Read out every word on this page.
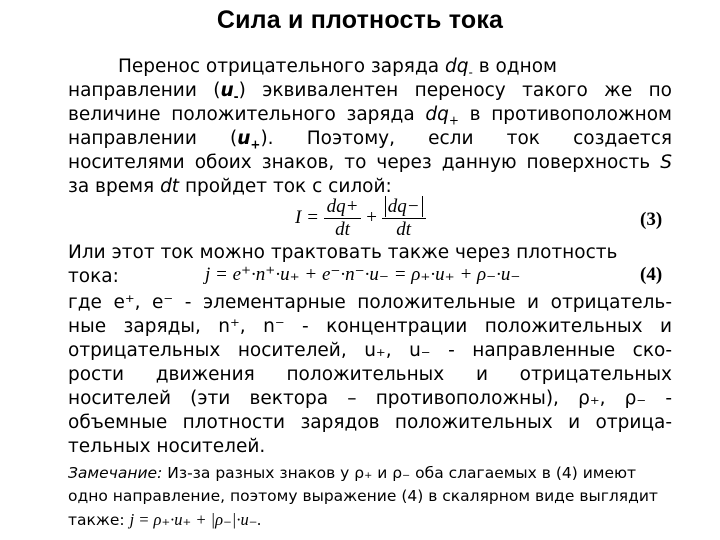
Сила и плотность тока
Перенос отрицательного заряда $dq_-$ в одном
направлении $(u_-)$ эквивалентен переносу такого же по
величине положительного заряда $dq_+$ в противоположном
направлении $(u_+)$. Поэтому, если ток создается
носителями обоих знаков, то через данную поверхность S
за время dt пройдет ток с силой:
$I = \frac{dq+}{dt} + \frac{dq-}{dt}$	(3)
Или этот ток можно трактовать также через плотность
тока:	j = e⁺·n⁺·u₊ + e⁻·n⁻·u₋ = ρ₊·u₊ + ρ₋·u₋	(4)
где e⁺, e⁻ - элементарные положительные и отрицатель-
ные заряды, n⁺, n⁻ - концентрации положительных и
отрицательных носителей, u₊, u₋ - направленные ско-
рости движения положительных и отрицательных
носителей (эти вектора – противоположны), ρ₊, ρ₋ -
объемные плотности зарядов положительных и отрица-
тельных носителей.
Замечание: Из-за разных знаков у ρ₊ и ρ₋ оба слагаемых в (4) имеют
одно направление, поэтому выражение (4) в скалярном виде выглядит
также: j = ρ₊·u₊ + |ρ₋|·u₋.
